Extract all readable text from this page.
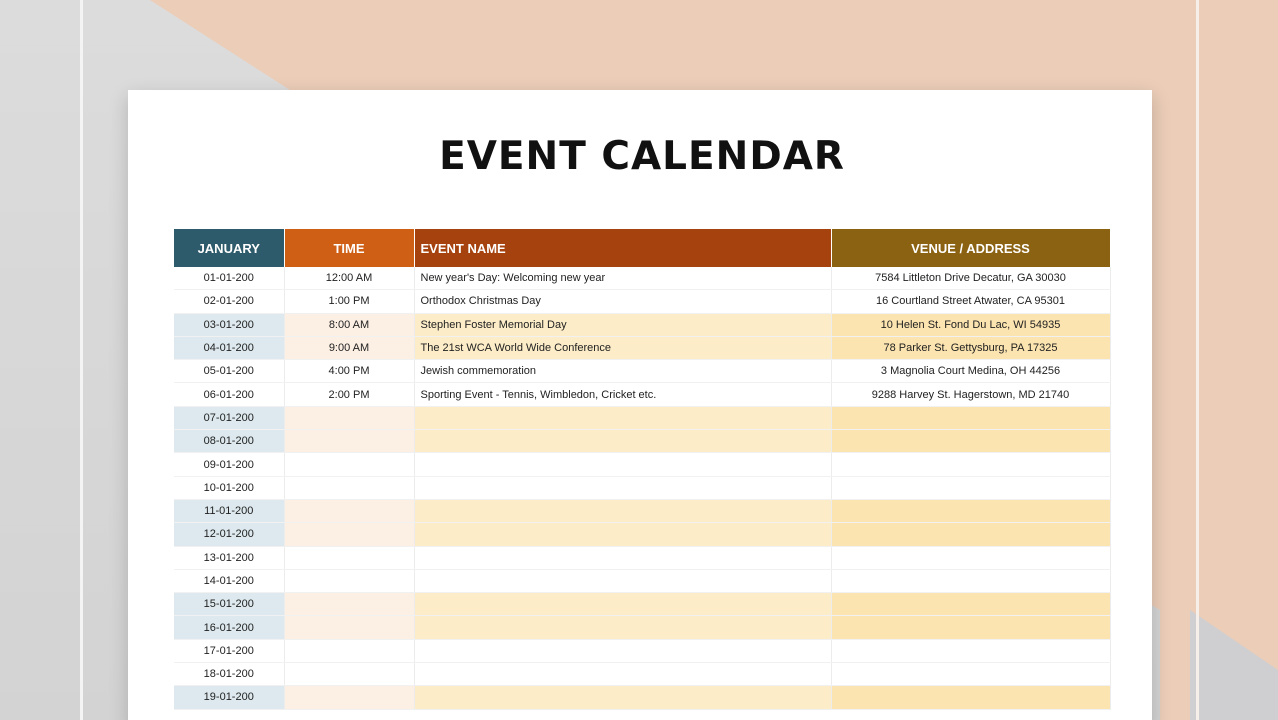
EVENT CALENDAR
JANUARY	TIME	EVENT NAME	VENUE / ADDRESS
01-01-200	12:00 AM	New year's Day: Welcoming new year	7584 Littleton Drive Decatur, GA 30030
02-01-200	1:00 PM	Orthodox Christmas Day	16 Courtland Street Atwater, CA 95301
03-01-200	8:00 AM	Stephen Foster Memorial Day	10 Helen St. Fond Du Lac, WI 54935
04-01-200	9:00 AM	The 21st WCA World Wide Conference	78 Parker St. Gettysburg, PA 17325
05-01-200	4:00 PM	Jewish commemoration	3 Magnolia Court Medina, OH 44256
06-01-200	2:00 PM	Sporting Event - Tennis, Wimbledon, Cricket etc.	9288 Harvey St. Hagerstown, MD 21740
07-01-200			
08-01-200			
09-01-200			
10-01-200			
11-01-200			
12-01-200			
13-01-200			
14-01-200			
15-01-200			
16-01-200			
17-01-200			
18-01-200			
19-01-200			
